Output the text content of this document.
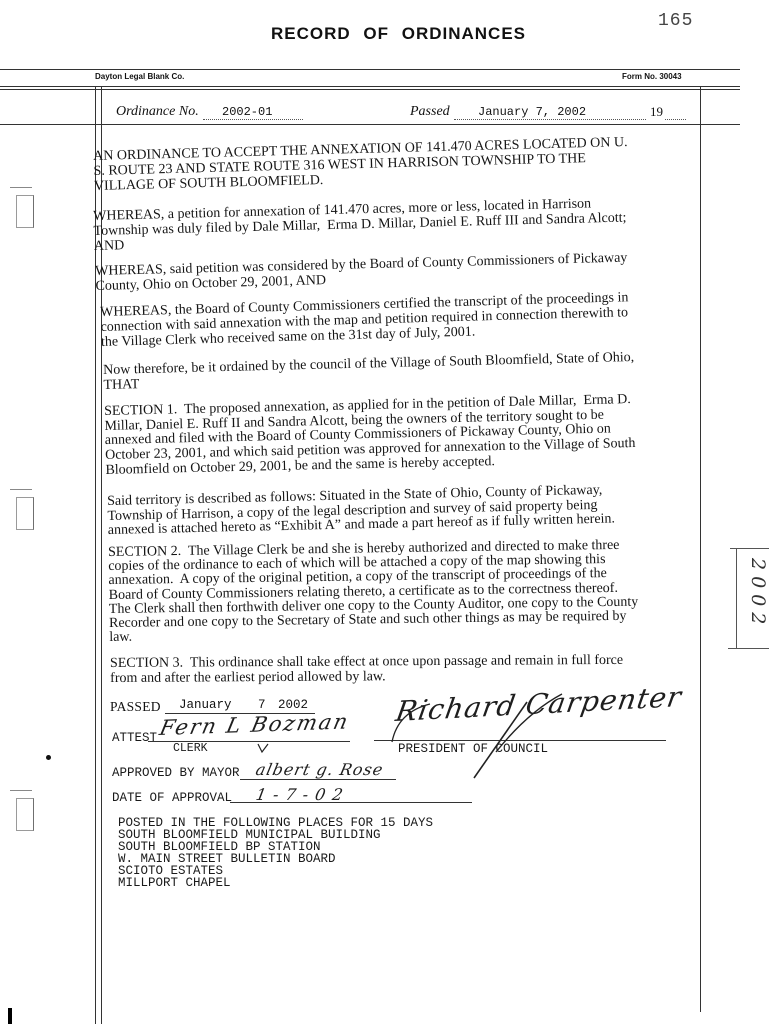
165
RECORD OF ORDINANCES
Dayton Legal Blank Co.	Form No. 30043
Ordinance No. 2002-01	Passed January 7, 2002	19
AN ORDINANCE TO ACCEPT THE ANNEXATION OF 141.470 ACRES LOCATED ON U.
S. ROUTE 23 AND STATE ROUTE 316 WEST IN HARRISON TOWNSHIP TO THE
VILLAGE OF SOUTH BLOOMFIELD.
WHEREAS, a petition for annexation of 141.470 acres, more or less, located in Harrison
Township was duly filed by Dale Millar,  Erma D. Millar, Daniel E. Ruff III and Sandra Alcott;
AND
WHEREAS, said petition was considered by the Board of County Commissioners of Pickaway
County, Ohio on October 29, 2001, AND
WHEREAS, the Board of County Commissioners certified the transcript of the proceedings in
connection with said annexation with the map and petition required in connection therewith to
the Village Clerk who received same on the 31st day of July, 2001.
Now therefore, be it ordained by the council of the Village of South Bloomfield, State of Ohio,
THAT
SECTION 1.  The proposed annexation, as applied for in the petition of Dale Millar,  Erma D.
Millar, Daniel E. Ruff II and Sandra Alcott, being the owners of the territory sought to be
annexed and filed with the Board of County Commissioners of Pickaway County, Ohio on
October 23, 2001, and which said petition was approved for annexation to the Village of South
Bloomfield on October 29, 2001, be and the same is hereby accepted.
Said territory is described as follows: Situated in the State of Ohio, County of Pickaway,
Township of Harrison, a copy of the legal description and survey of said property being
annexed is attached hereto as “Exhibit A” and made a part hereof as if fully written herein.
SECTION 2.  The Village Clerk be and she is hereby authorized and directed to make three
copies of the ordinance to each of which will be attached a copy of the map showing this
annexation.  A copy of the original petition, a copy of the transcript of proceedings of the
Board of County Commissioners relating thereto, a certificate as to the correctness thereof.
The Clerk shall then forthwith deliver one copy to the County Auditor, one copy to the County
Recorder and one copy to the Secretary of State and such other things as may be required by
law.
SECTION 3.  This ordinance shall take effect at once upon passage and remain in full force
from and after the earliest period allowed by law.
PASSED January 7 2002
ATTEST Fern L Bozman
CLERK
Richard Carpenter
PRESIDENT OF COUNCIL
APPROVED BY MAYOR albert g. Rose
DATE OF APPROVAL 1-7-02
POSTED IN THE FOLLOWING PLACES FOR 15 DAYS
SOUTH BLOOMFIELD MUNICIPAL BUILDING
SOUTH BLOOMFIELD BP STATION
W. MAIN STREET BULLETIN BOARD
SCIOTO ESTATES
MILLPORT CHAPEL
2002
